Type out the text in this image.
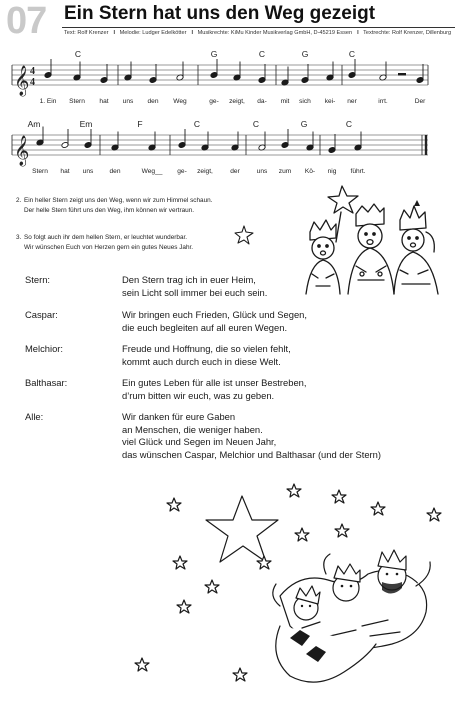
07 Ein Stern hat uns den Weg gezeigt
Text: Rolf Krenzer I Melodie: Ludger Edelkötter I Musikrechte: KiMu Kinder Musikverlag GmbH, D-45219 Essen I Textrechte: Rolf Krenzer, Dillenburg
𝄞 4
4
C	G	C	G	C
1. Ein Stern hat uns den Weg	ge- zeigt, da- mit sich kei- ner	irrt.	Der
𝄞
Am	Em	F	C	C	G	C
Stern hat uns den	Weg__ ge- zeigt,	der	uns zum Kö- nig führt.
2. Ein heller Stern zeigt uns den Weg, wenn wir zum Himmel schaun.
Der helle Stern führt uns den Weg, ihm können wir vertraun.
3. So folgt auch ihr dem hellen Stern, er leuchtet wunderbar.
Wir wünschen Euch von Herzen gern ein gutes Neues Jahr.
Stern:	Den Stern trag ich in euer Heim,
sein Licht soll immer bei euch sein.
Caspar:	Wir bringen euch Frieden, Glück und Segen,
die euch begleiten auf all euren Wegen.
Melchior:	Freude und Hoffnung, die so vielen fehlt,
kommt auch durch euch in diese Welt.
Balthasar:	Ein gutes Leben für alle ist unser Bestreben,
d’rum bitten wir euch, was zu geben.
Alle:	Wir danken für eure Gaben
an Menschen, die weniger haben.
viel Glück und Segen im Neuen Jahr,
das wünschen Caspar, Melchior und Balthasar (und der Stern)
